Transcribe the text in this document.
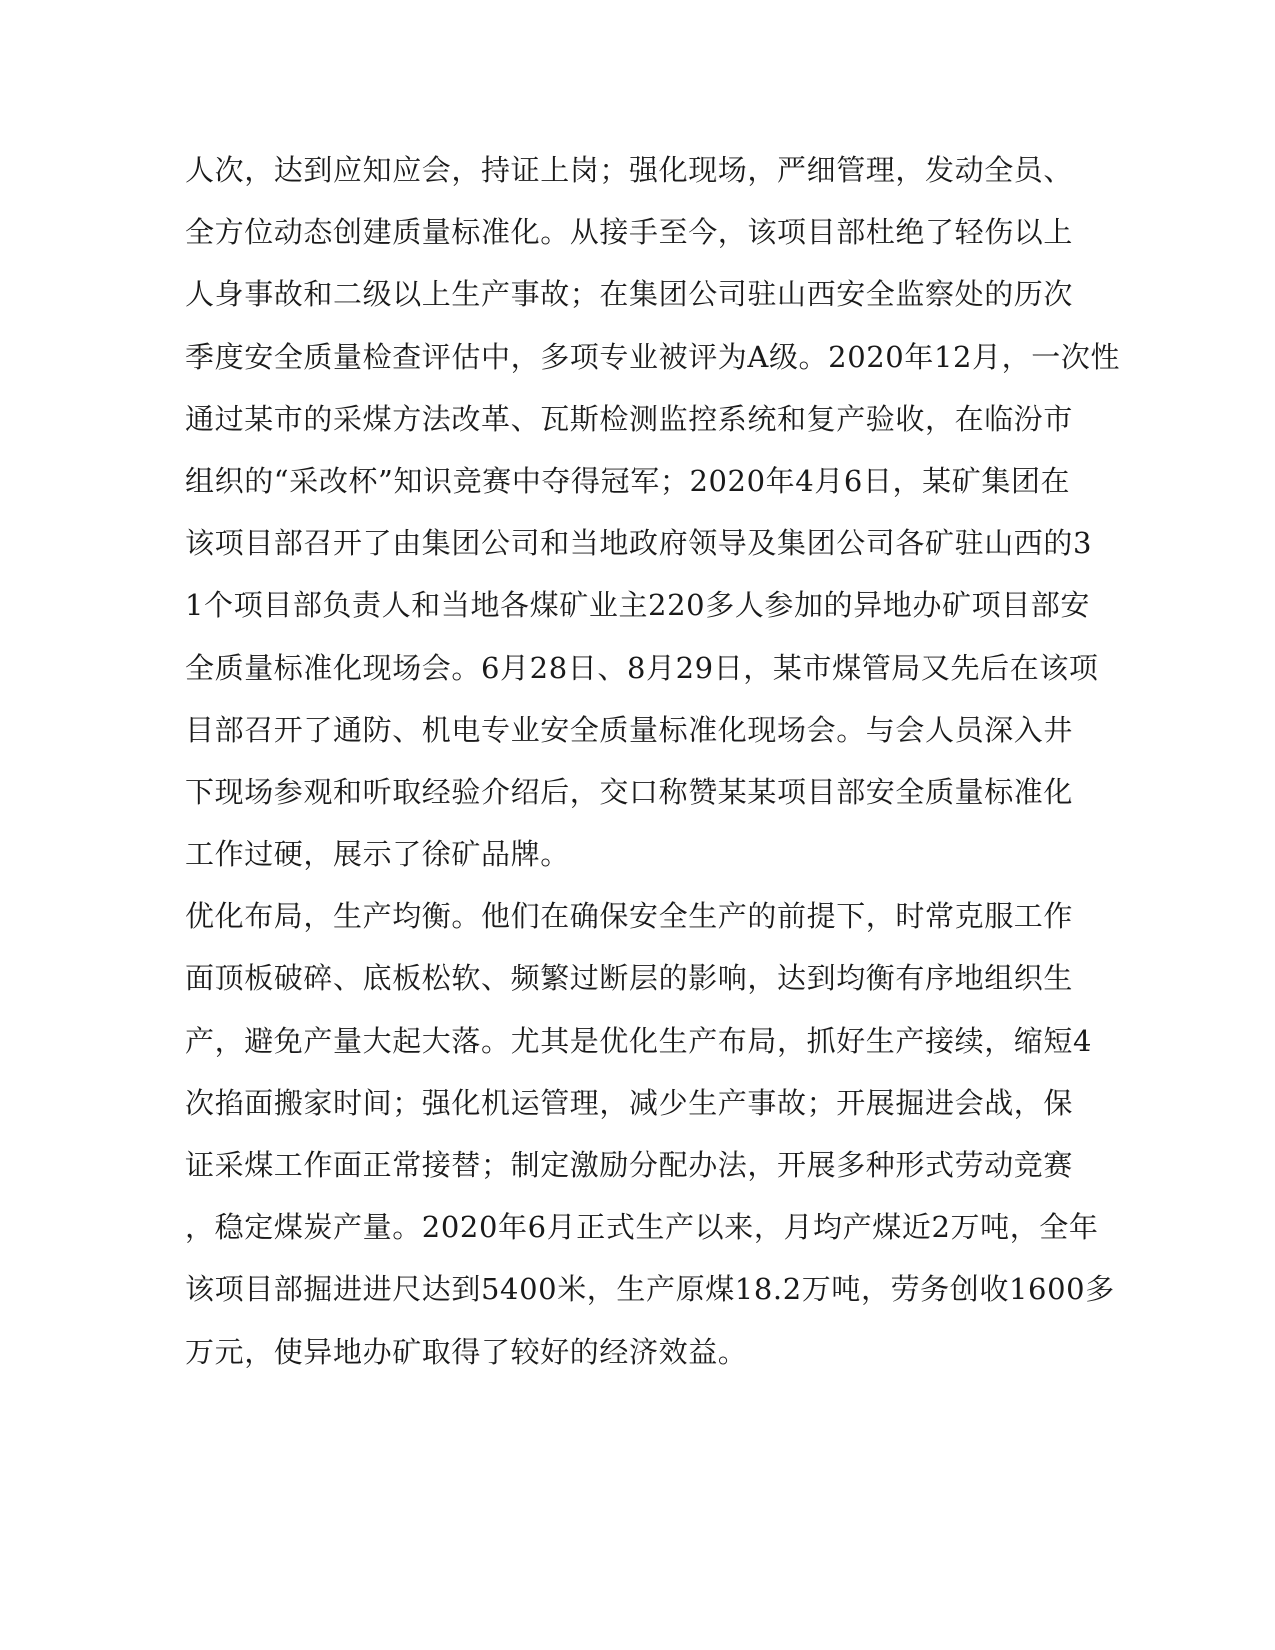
人次，达到应知应会，持证上岗；强化现场，严细管理，发动全员、
全方位动态创建质量标准化。从接手至今，该项目部杜绝了轻伤以上
人身事故和二级以上生产事故；在集团公司驻山西安全监察处的历次
季度安全质量检查评估中，多项专业被评为A级。2020年12月，一次性
通过某市的采煤方法改革、瓦斯检测监控系统和复产验收，在临汾市
组织的“采改杯”知识竞赛中夺得冠军；2020年4月6日，某矿集团在
该项目部召开了由集团公司和当地政府领导及集团公司各矿驻山西的3
1个项目部负责人和当地各煤矿业主220多人参加的异地办矿项目部安
全质量标准化现场会。6月28日、8月29日，某市煤管局又先后在该项
目部召开了通防、机电专业安全质量标准化现场会。与会人员深入井
下现场参观和听取经验介绍后，交口称赞某某项目部安全质量标准化
工作过硬，展示了徐矿品牌。
优化布局，生产均衡。他们在确保安全生产的前提下，时常克服工作
面顶板破碎、底板松软、频繁过断层的影响，达到均衡有序地组织生
产，避免产量大起大落。尤其是优化生产布局，抓好生产接续，缩短4
次掐面搬家时间；强化机运管理，减少生产事故；开展掘进会战，保
证采煤工作面正常接替；制定激励分配办法，开展多种形式劳动竞赛
，稳定煤炭产量。2020年6月正式生产以来，月均产煤近2万吨，全年
该项目部掘进进尺达到5400米，生产原煤18.2万吨，劳务创收1600多
万元，使异地办矿取得了较好的经济效益。
